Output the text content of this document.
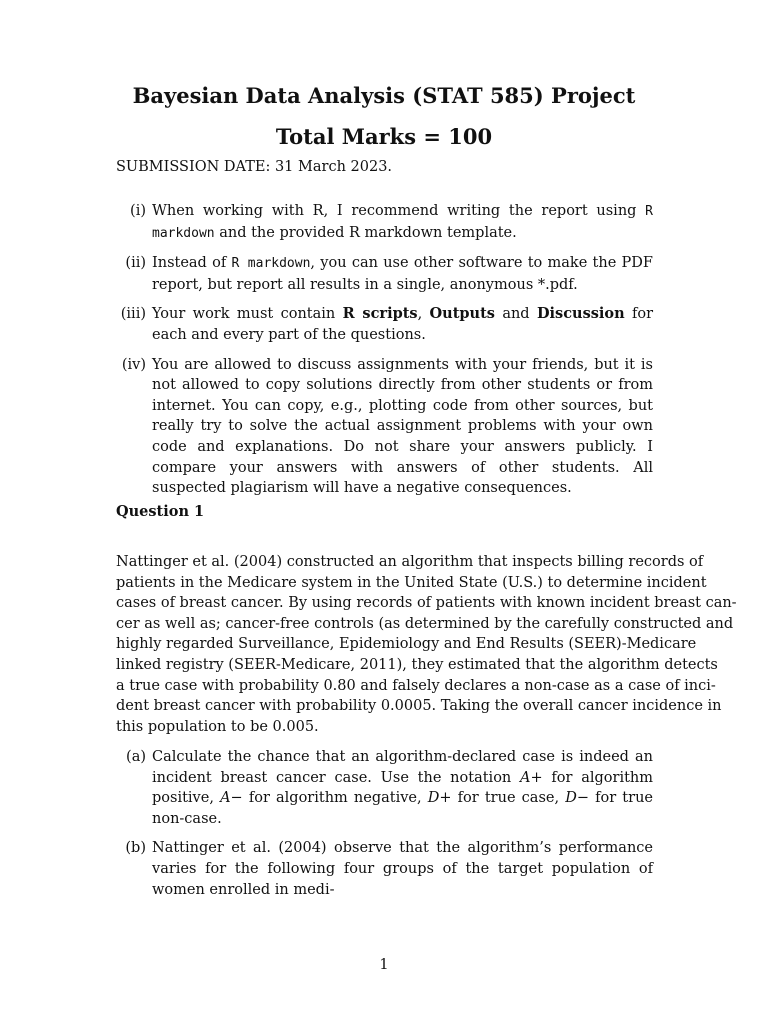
Bayesian Data Analysis (STAT 585) Project
Total Marks = 100
SUBMISSION DATE: 31 March 2023.
(i) When working with R, I recommend writing the report using R markdown and the provided R markdown template.
(ii) Instead of R markdown, you can use other software to make the PDF report, but report all results in a single, anonymous *.pdf.
(iii) Your work must contain R scripts, Outputs and Discussion for each and every part of the questions.
(iv) You are allowed to discuss assignments with your friends, but it is not allowed to copy solutions directly from other students or from internet. You can copy, e.g., plotting code from other sources, but really try to solve the actual assignment problems with your own code and explanations. Do not share your answers publicly. I compare your answers with answers of other students. All suspected plagiarism will have a negative consequences.
Question 1

Nattinger et al. (2004) constructed an algorithm that inspects billing records of
patients in the Medicare system in the United State (U.S.) to determine incident
cases of breast cancer. By using records of patients with known incident breast can-
cer as well as; cancer-free controls (as determined by the carefully constructed and
highly regarded Surveillance, Epidemiology and End Results (SEER)-Medicare
linked registry (SEER-Medicare, 2011), they estimated that the algorithm detects
a true case with probability 0.80 and falsely declares a non-case as a case of inci-
dent breast cancer with probability 0.0005. Taking the overall cancer incidence in
this population to be 0.005.

(a) Calculate the chance that an algorithm-declared case is indeed an incident breast cancer case. Use the notation A+ for algorithm positive, A− for algorithm negative, D+ for true case, D− for true non-case.
(b) Nattinger et al. (2004) observe that the algorithm’s performance varies for the following four groups of the target population of women enrolled in medi-
1
